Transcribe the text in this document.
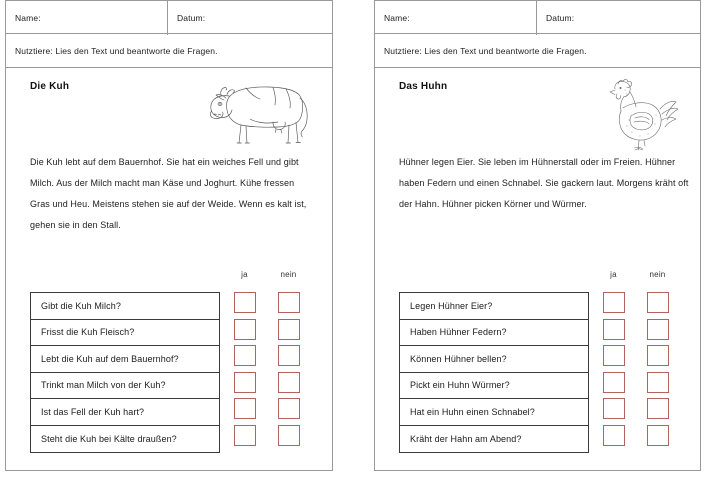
Name:	Datum:
Nutztiere: Lies den Text und beantworte die Fragen.
Die Kuh
Die Kuh lebt auf dem Bauernhof. Sie hat ein weiches Fell und gibt Milch. Aus der Milch macht man Käse und Joghurt. Kühe fressen Gras und Heu. Meistens stehen sie auf der Weide. Wenn es kalt ist, gehen sie in den Stall.
ja	nein
Gibt die Kuh Milch?
Frisst die Kuh Fleisch?
Lebt die Kuh auf dem Bauernhof?
Trinkt man Milch von der Kuh?
Ist das Fell der Kuh hart?
Steht die Kuh bei Kälte draußen?
Name:	Datum:
Nutztiere: Lies den Text und beantworte die Fragen.
Das Huhn
Hühner legen Eier. Sie leben im Hühnerstall oder im Freien. Hühner haben Federn und einen Schnabel. Sie gackern laut. Morgens kräht oft der Hahn. Hühner picken Körner und Würmer.
ja	nein
Legen Hühner Eier?
Haben Hühner Federn?
Können Hühner bellen?
Pickt ein Huhn Würmer?
Hat ein Huhn einen Schnabel?
Kräht der Hahn am Abend?
